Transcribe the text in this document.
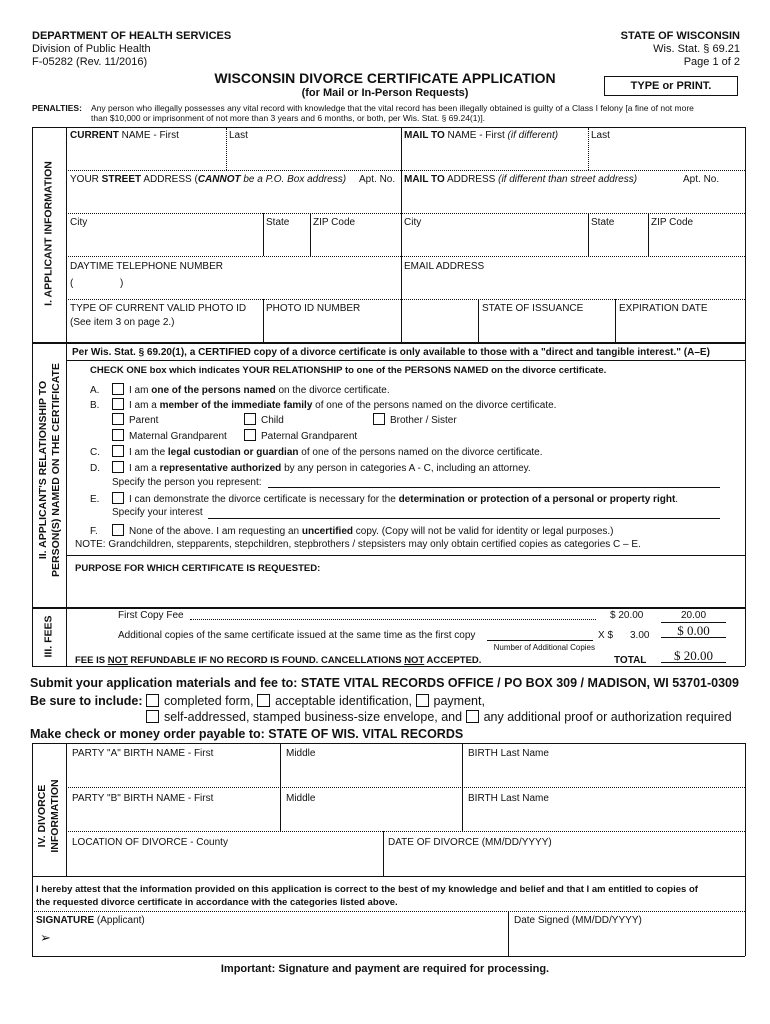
DEPARTMENT OF HEALTH SERVICES
Division of Public Health
F-05282 (Rev. 11/2016)
STATE OF WISCONSIN
Wis. Stat. § 69.21
Page 1 of 2
WISCONSIN DIVORCE CERTIFICATE APPLICATION
(for Mail or In-Person Requests)
TYPE or PRINT.
PENALTIES: Any person who illegally possesses any vital record with knowledge that the vital record has been illegally obtained is guilty of a Class I felony [a fine of not more
than $10,000 or imprisonment of not more than 3 years and 6 months, or both, per Wis. Stat. § 69.24(1)].
I. APPLICANT INFORMATION
CURRENT NAME - First	Last	MAIL TO NAME - First (if different)	Last
YOUR STREET ADDRESS (CANNOT be a P.O. Box address) Apt. No. MAIL TO ADDRESS (if different than street address)	Apt. No.
City	State ZIP Code	City	State	ZIP Code
DAYTIME TELEPHONE NUMBER
(	)
EMAIL ADDRESS
TYPE OF CURRENT VALID PHOTO ID
(See item 3 on page 2.)
PHOTO ID NUMBER	STATE OF ISSUANCE	EXPIRATION DATE
II. APPLICANT'S RELATIONSHIP TO PERSON(S) NAMED ON THE CERTIFICATE
Per Wis. Stat. § 69.20(1), a CERTIFIED copy of a divorce certificate is only available to those with a "direct and tangible interest." (A–E)
CHECK ONE box which indicates YOUR RELATIONSHIP to one of the PERSONS NAMED on the divorce certificate.
A.	I am one of the persons named on the divorce certificate.
B.	I am a member of the immediate family of one of the persons named on the divorce certificate.
Parent	Child	Brother / Sister
Maternal Grandparent	Paternal Grandparent
C.	I am the legal custodian or guardian of one of the persons named on the divorce certificate.
D.	I am a representative authorized by any person in categories A - C, including an attorney.
Specify the person you represent:
E.	I can demonstrate the divorce certificate is necessary for the determination or protection of a personal or property right.
Specify your interest
F.	None of the above. I am requesting an uncertified copy. (Copy will not be valid for identity or legal purposes.)
NOTE: Grandchildren, stepparents, stepchildren, stepbrothers / stepsisters may only obtain certified copies as categories C – E.
PURPOSE FOR WHICH CERTIFICATE IS REQUESTED:
III. FEES	First Copy Fee	$ 20.00	20.00
Additional copies of the same certificate issued at the same time as the first copy
Number of Additional Copies
X $ 3.00	$ 0.00
FEE IS NOT REFUNDABLE IF NO RECORD IS FOUND. CANCELLATIONS NOT ACCEPTED.	TOTAL	$ 20.00
Submit your application materials and fee to: STATE VITAL RECORDS OFFICE / PO BOX 309 / MADISON, WI 53701-0309
Be sure to include: completed form, acceptable identification, payment,
self-addressed, stamped business-size envelope, and any additional proof or authorization required
Make check or money order payable to: STATE OF WIS. VITAL RECORDS
IV. DIVORCE INFORMATION
PARTY "A" BIRTH NAME - First	Middle	BIRTH Last Name
PARTY "B" BIRTH NAME - First	Middle	BIRTH Last Name
LOCATION OF DIVORCE - County	DATE OF DIVORCE (MM/DD/YYYY)
I hereby attest that the information provided on this application is correct to the best of my knowledge and belief and that I am entitled to copies of
the requested divorce certificate in accordance with the categories listed above.
SIGNATURE (Applicant)
➢
Date Signed (MM/DD/YYYY)
Important: Signature and payment are required for processing.
